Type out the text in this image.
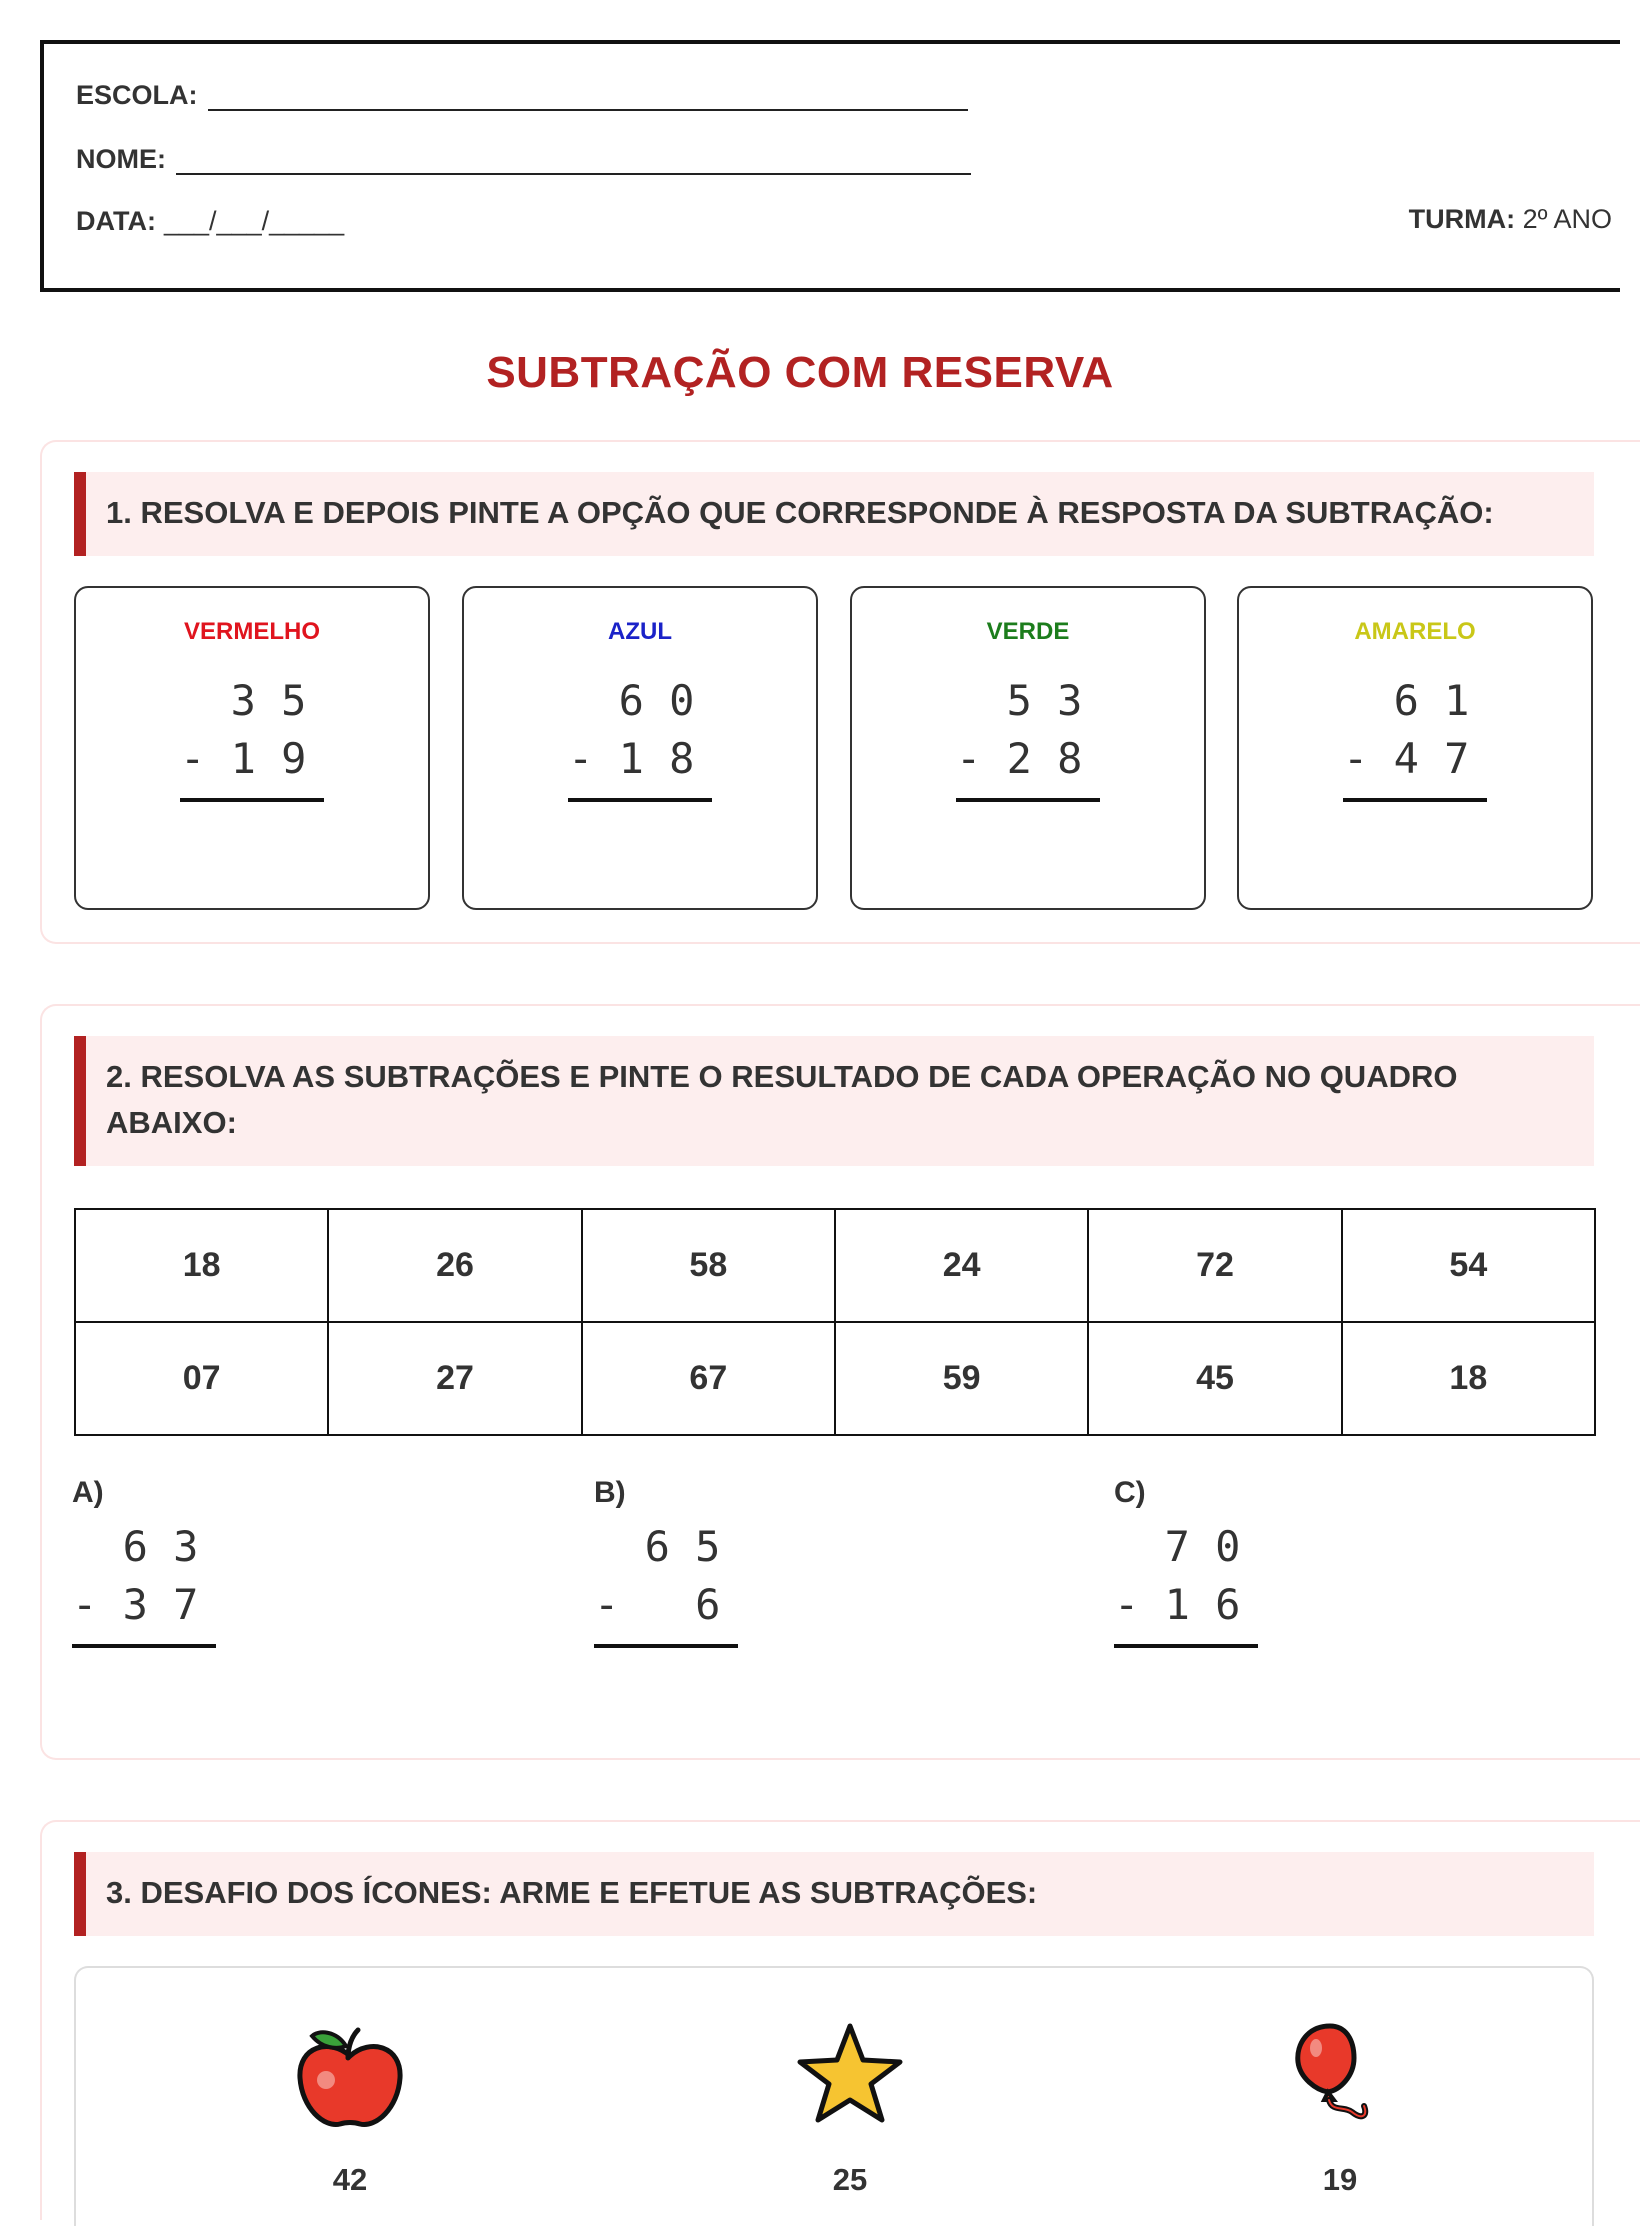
ESCOLA:
NOME:
DATA: ___/___/_____	TURMA: 2º ANO
SUBTRAÇÃO COM RESERVA
1. RESOLVA E DEPOIS PINTE A OPÇÃO QUE CORRESPONDE À RESPOSTA DA SUBTRAÇÃO:
VERMELHO
3 5
- 1 9
AZUL
6 0
- 1 8
VERDE
5 3
- 2 8
AMARELO
6 1
- 4 7
2. RESOLVA AS SUBTRAÇÕES E PINTE O RESULTADO DE CADA OPERAÇÃO NO QUADRO
ABAIXO:
18	26	58	24	72	54
07	27	67	59	45	18
A)
6 3
- 3 7
B)
6 5
-   6
C)
7 0
- 1 6
3. DESAFIO DOS ÍCONES: ARME E EFETUE AS SUBTRAÇÕES:
42	25	19
